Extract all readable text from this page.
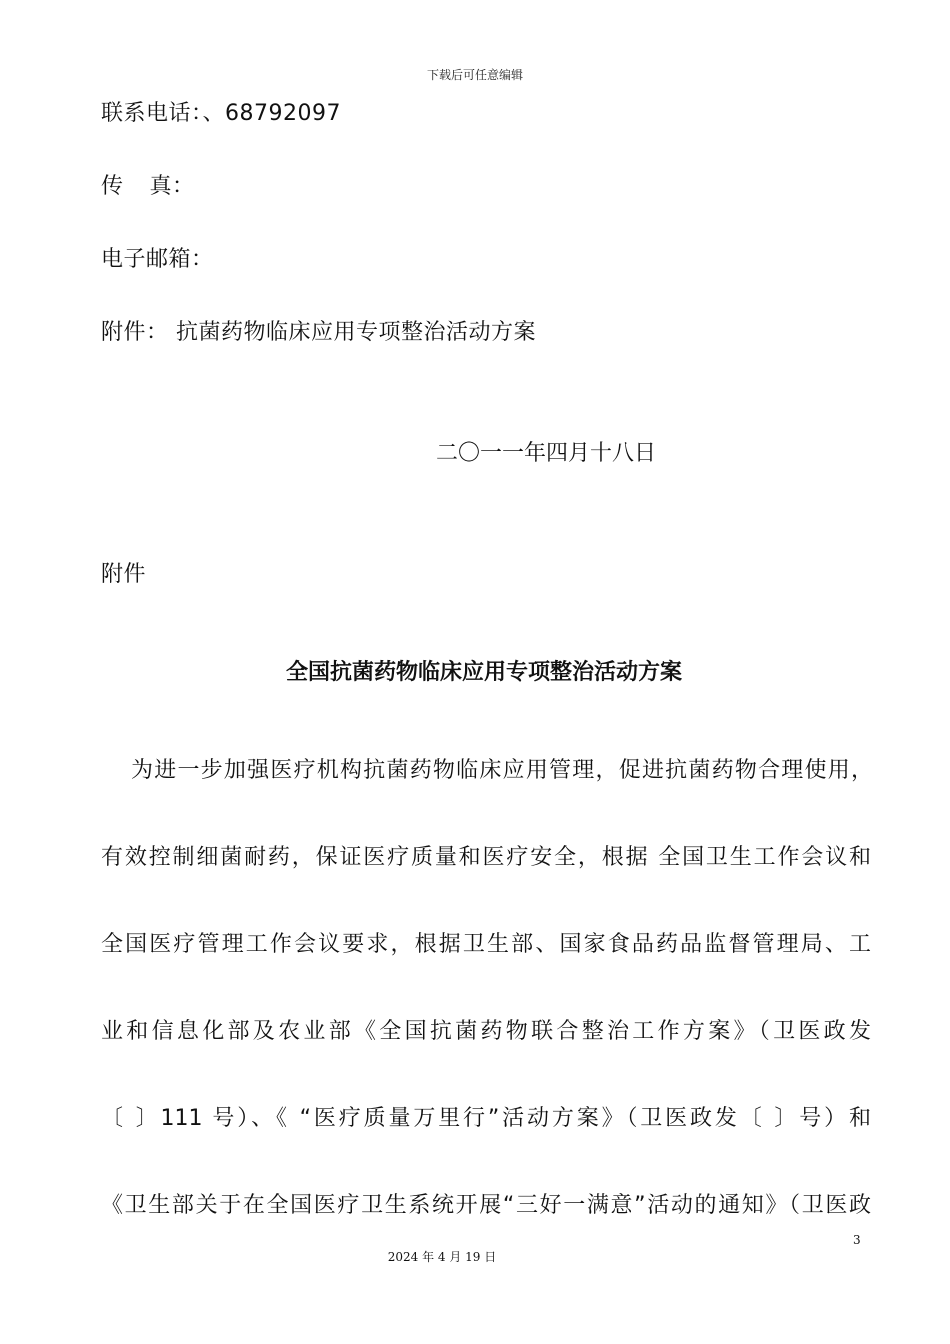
下载后可任意编辑
联系电话：、68792097
传 真：
电子邮箱：
附件： 抗菌药物临床应用专项整治活动方案
二〇一一年四月十八日
附件
全国抗菌药物临床应用专项整治活动方案
为进一步加强医疗机构抗菌药物临床应用管理，促进抗菌药物合理使用，
有效控制细菌耐药，保证医疗质量和医疗安全，根据 全国卫生工作会议和
全国医疗管理工作会议要求，根据卫生部、国家食品药品监督管理局、工
业和信息化部及农业部《全国抗菌药物联合整治工作方案》（卫医政发
〔 〕111 号）、《 “医疗质量万里行”活动方案》（卫医政发〔 〕号）和
《卫生部关于在全国医疗卫生系统开展“三好一满意”活动的通知》（卫医政
3
2024 年 4 月 19 日
